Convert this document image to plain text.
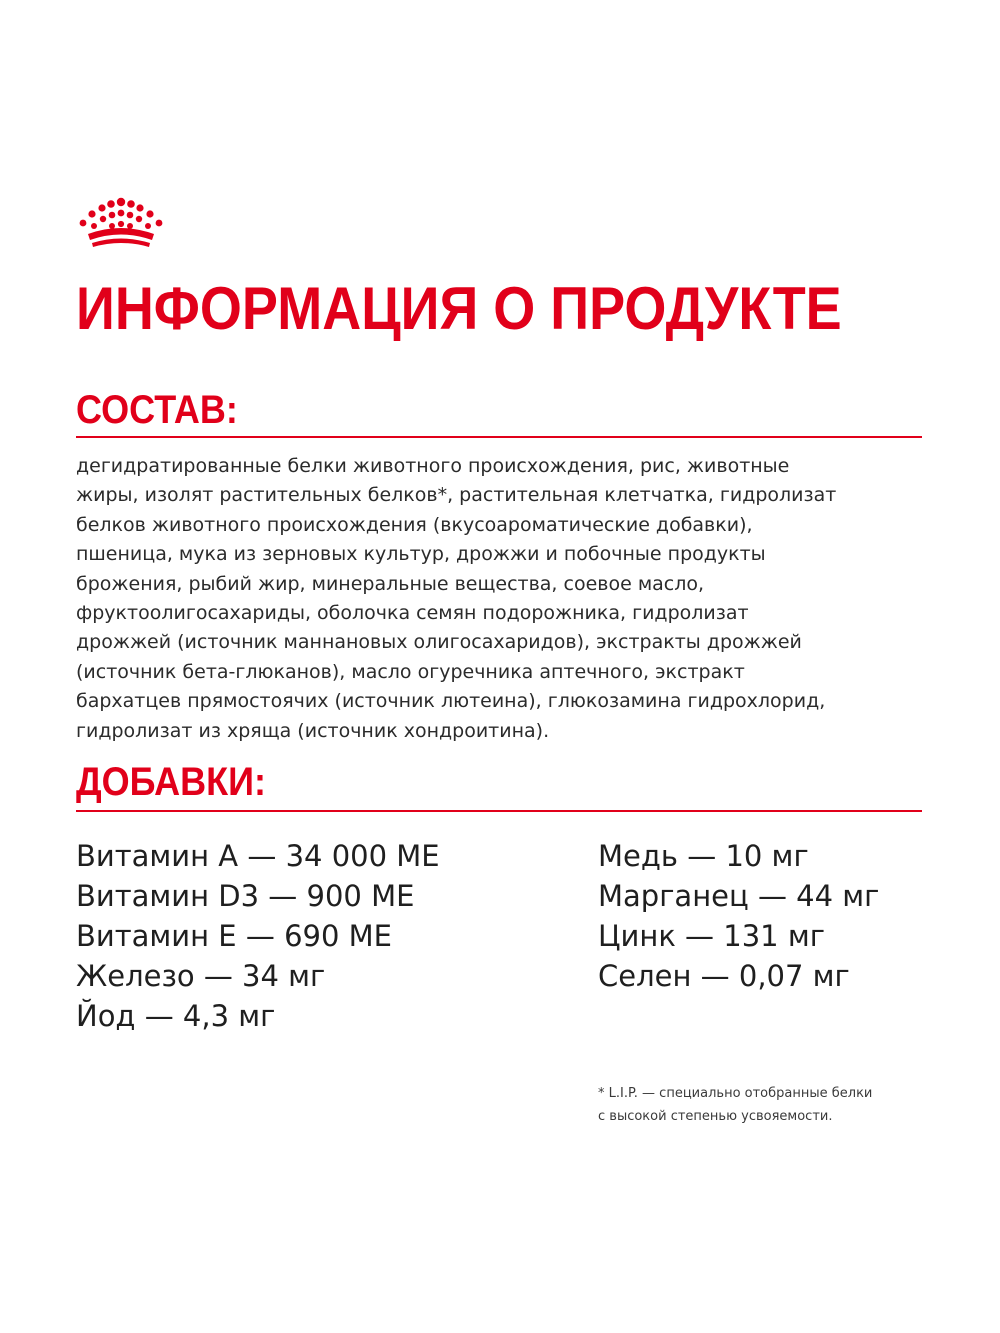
ИНФОРМАЦИЯ О ПРОДУКТЕ
СОСТАВ:

дегидратированные белки животного происхождения, рис, животные
жиры, изолят растительных белков*, растительная клетчатка, гидролизат
белков животного происхождения (вкусоароматические добавки),
пшеница, мука из зерновых культур, дрожжи и побочные продукты
брожения, рыбий жир, минеральные вещества, соевое масло,
фруктоолигосахариды, оболочка семян подорожника, гидролизат
дрожжей (источник маннановых олигосахаридов), экстракты дрожжей
(источник бета-глюканов), масло огуречника аптечного, экстракт
бархатцев прямостоячих (источник лютеина), глюкозамина гидрохлорид,
гидролизат из хряща (источник хондроитина).

ДОБАВКИ:
Витамин А — 34 000 МЕ
Витамин D3 — 900 МЕ
Витамин Е — 690 МЕ
Железо — 34 мг
Йод — 4,3 мг
Медь — 10 мг
Марганец — 44 мг
Цинк — 131 мг
Селен — 0,07 мг

* L.I.P. — специально отобранные белки
с высокой степенью усвояемости.
